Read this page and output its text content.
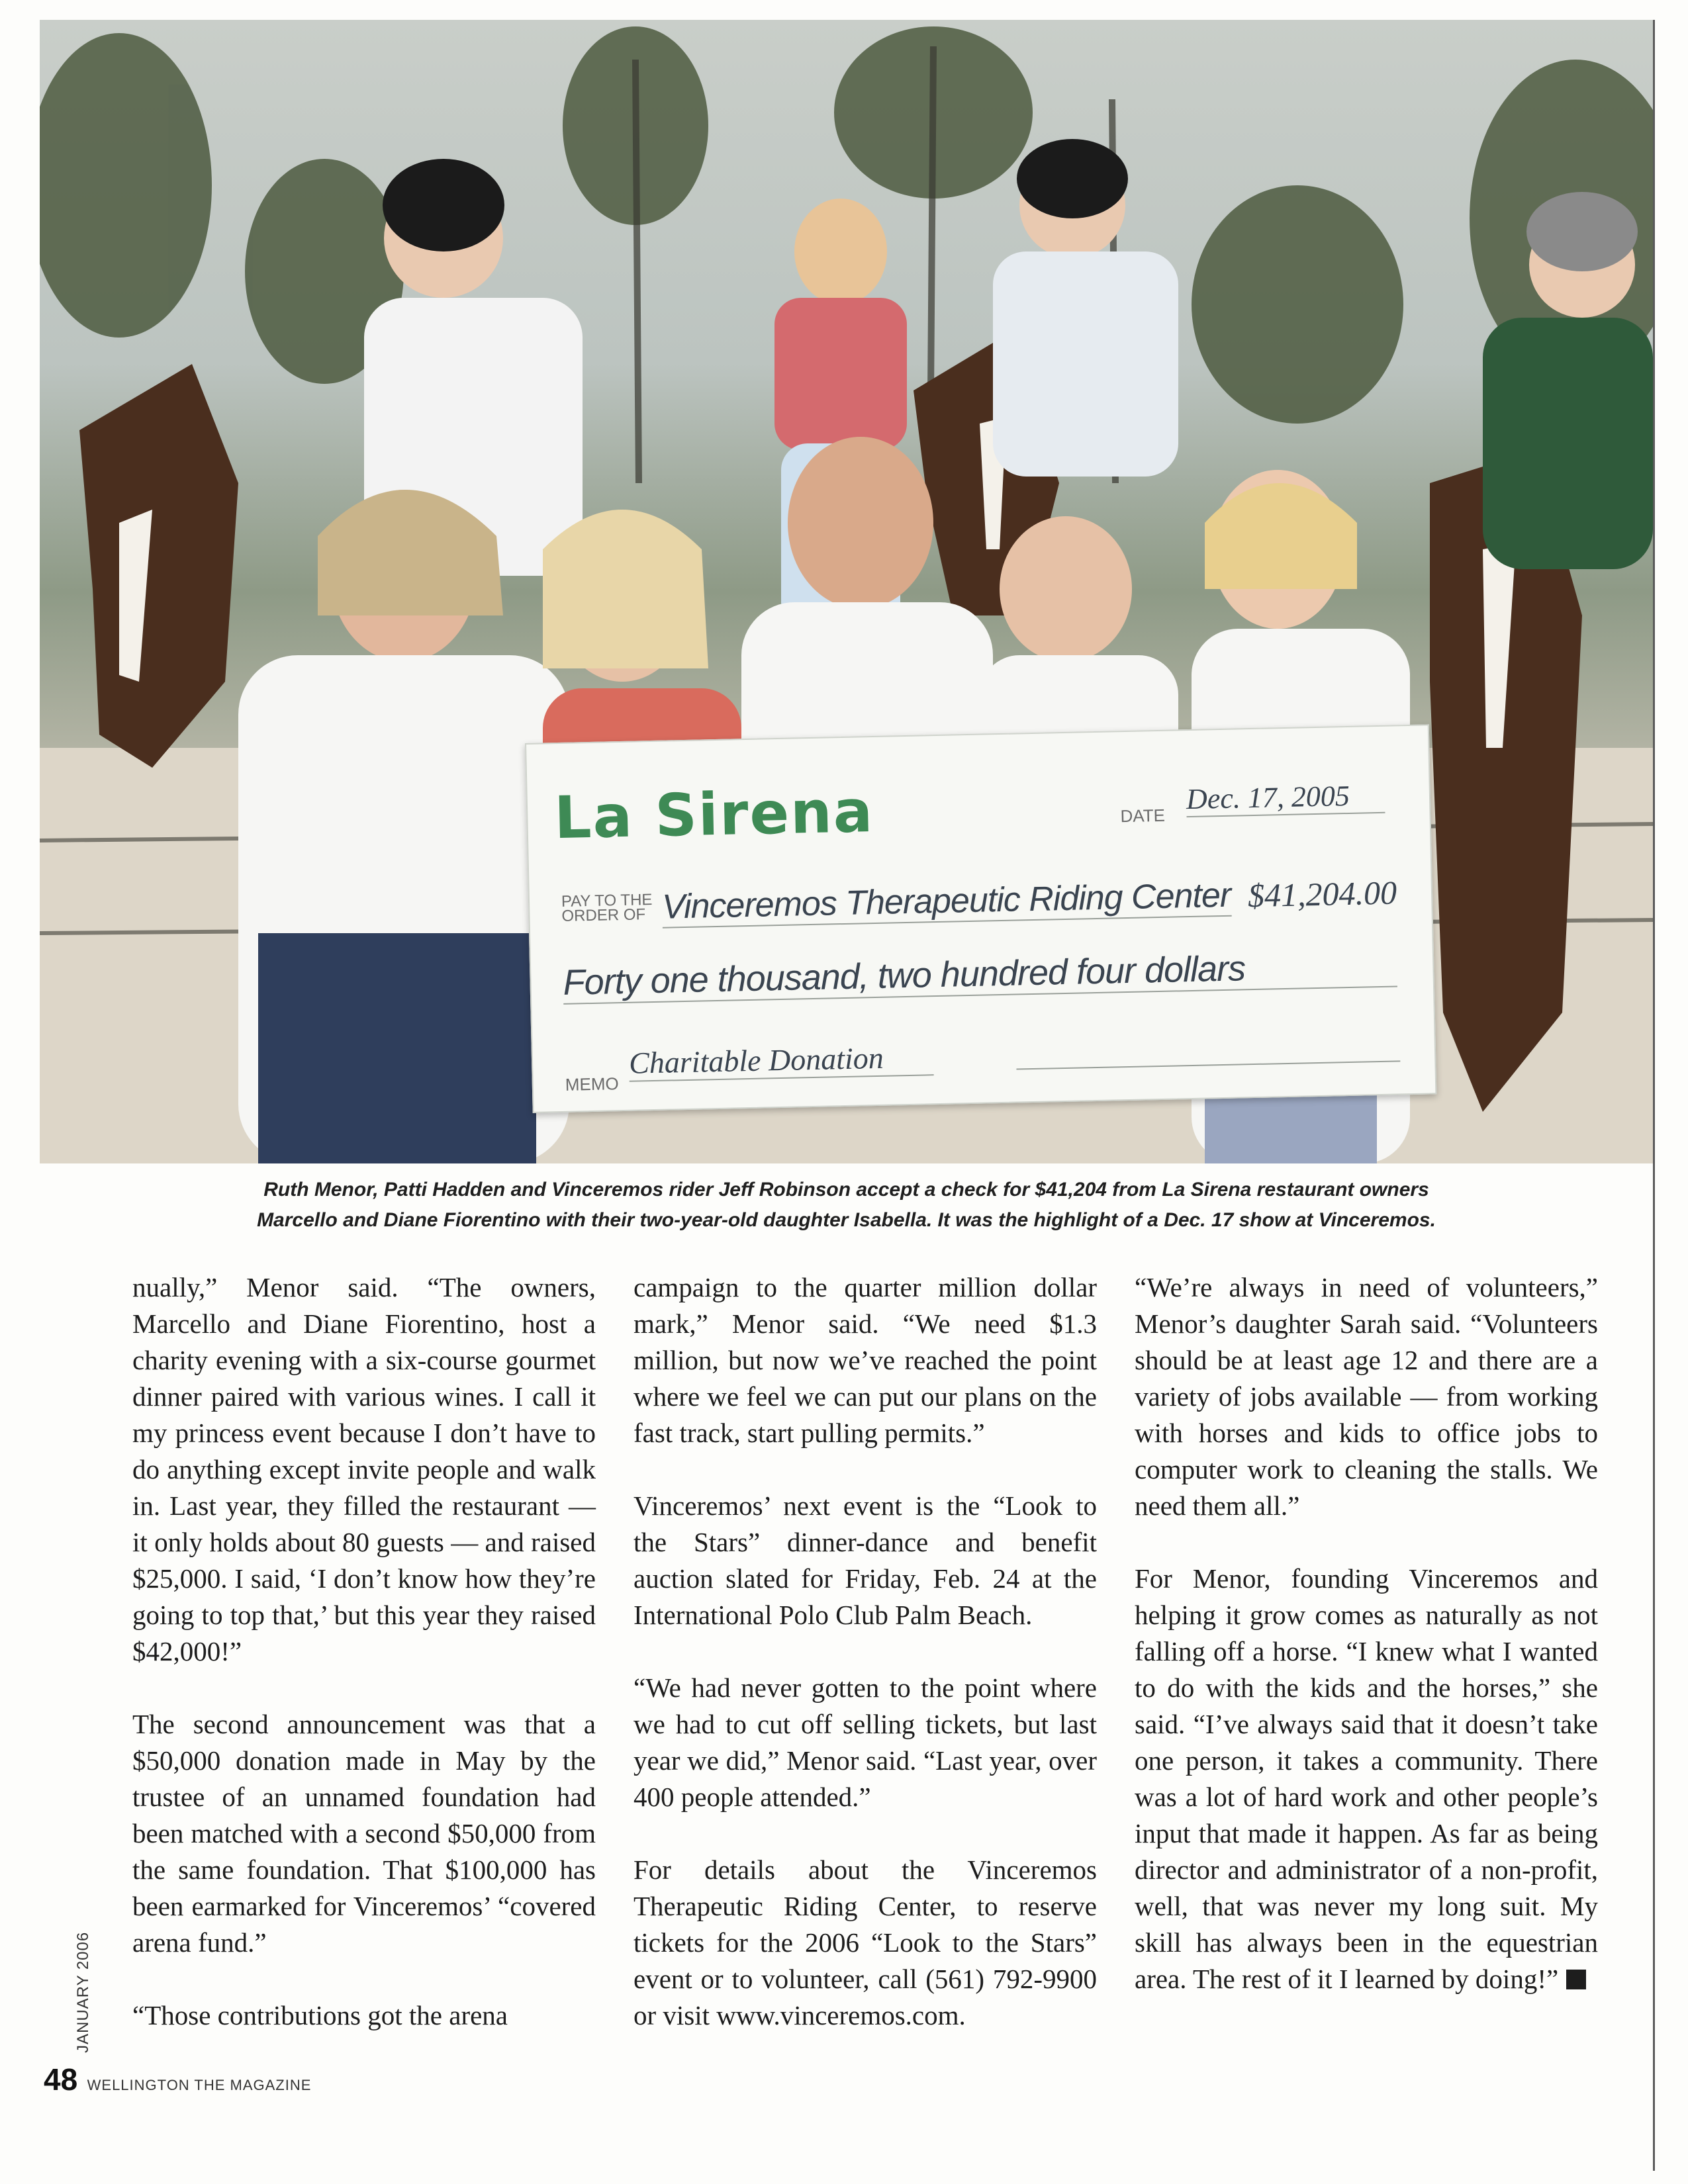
La Sirena	DATE
Dec. 17, 2005
PAY TO THE ORDER OF Vinceremos Therapeutic Riding Center $41,204.00
Forty one thousand, two hundred four dollars
MEMO
Charitable Donation
Ruth Menor, Patti Hadden and Vinceremos rider Jeff Robinson accept a check for $41,204 from La Sirena restaurant owners
Marcello and Diane Fiorentino with their two-year-old daughter Isabella. It was the highlight of a Dec. 17 show at Vinceremos.

nually,” Menor said. “The owners, Marcello and Diane Fiorentino, host a charity evening with a six-course gourmet dinner paired with various wines. I call it my princess event because I don’t have to do anything except invite people and walk in. Last year, they filled the restaurant — it only holds about 80 guests — and raised $25,000. I said, ‘I don’t know how they’re going to top that,’ but this year they raised $42,000!”

The second announcement was that a $50,000 donation made in May by the trustee of an unnamed foundation had been matched with a second $50,000 from the same foundation. That $100,000 has been earmarked for Vinceremos’ “covered arena fund.”

“Those contributions got the arena

campaign to the quarter million dollar mark,” Menor said. “We need $1.3 million, but now we’ve reached the point where we feel we can put our plans on the fast track, start pulling permits.”

Vinceremos’ next event is the “Look to the Stars” dinner-dance and benefit auction slated for Friday, Feb. 24 at the International Polo Club Palm Beach.

“We had never gotten to the point where we had to cut off selling tickets, but last year we did,” Menor said. “Last year, over 400 people attended.”

For details about the Vinceremos Therapeutic Riding Center, to reserve tickets for the 2006 “Look to the Stars” event or to volunteer, call (561) 792-9900 or visit www.vinceremos.com.

“We’re always in need of volunteers,” Menor’s daughter Sarah said. “Volunteers should be at least age 12 and there are a variety of jobs available — from working with horses and kids to office jobs to computer work to cleaning the stalls. We need them all.”

For Menor, founding Vinceremos and helping it grow comes as naturally as not falling off a horse. “I knew what I wanted to do with the kids and the horses,” she said. “I’ve always said that it doesn’t take one person, it takes a community. There was a lot of hard work and other people’s input that made it happen. As far as being director and administrator of a non-profit, well, that was never my long suit. My skill has always been in the equestrian area. The rest of it I learned by doing!”

JANUARY 2006
48 WELLINGTON THE MAGAZINE
